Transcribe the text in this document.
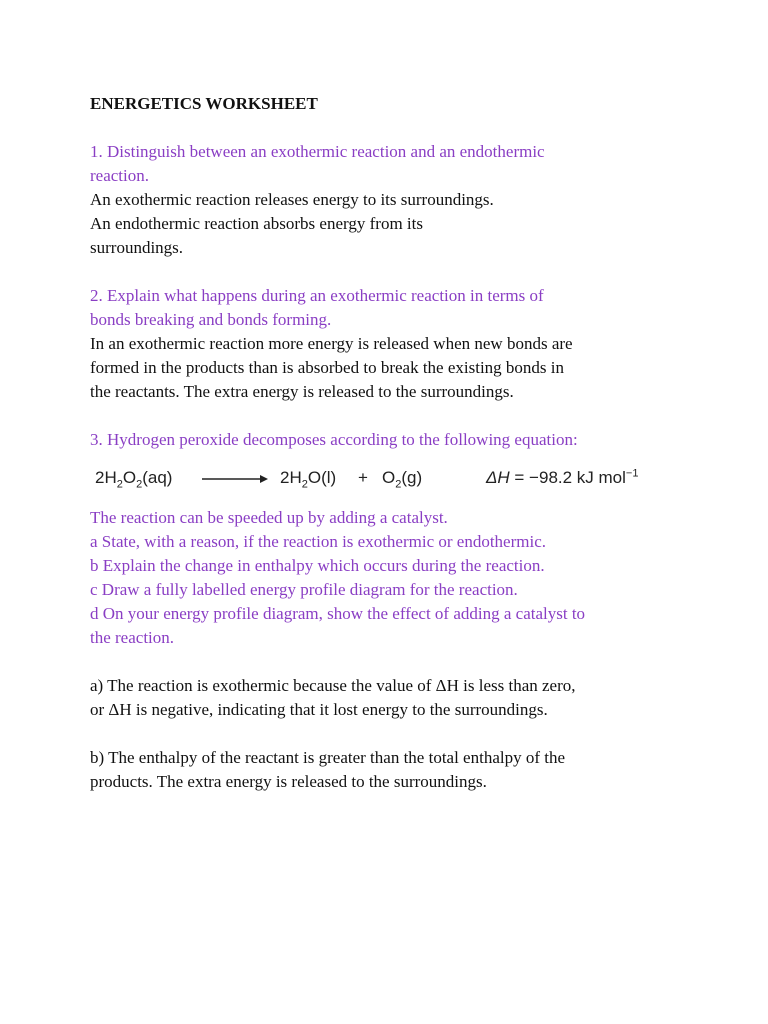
ENERGETICS WORKSHEET
1. Distinguish between an exothermic reaction and an endothermic
reaction.
An exothermic reaction releases energy to its surroundings.
An endothermic reaction absorbs energy from its
surroundings.
2. Explain what happens during an exothermic reaction in terms of
bonds breaking and bonds forming.
In an exothermic reaction more energy is released when new bonds are
formed in the products than is absorbed to break the existing bonds in
the reactants. The extra energy is released to the surroundings.
3. Hydrogen peroxide decomposes according to the following equation:
$2H_2O_2(aq) \to 2H_2O(l) + O_2(g)$	ΔH = −98.2 kJ mol$^{-1}$
The reaction can be speeded up by adding a catalyst.
a State, with a reason, if the reaction is exothermic or endothermic.
b Explain the change in enthalpy which occurs during the reaction.
c Draw a fully labelled energy profile diagram for the reaction.
d On your energy profile diagram, show the effect of adding a catalyst to
the reaction.
a) The reaction is exothermic because the value of ΔH is less than zero,
or ΔH is negative, indicating that it lost energy to the surroundings.
b) The enthalpy of the reactant is greater than the total enthalpy of the
products. The extra energy is released to the surroundings.
